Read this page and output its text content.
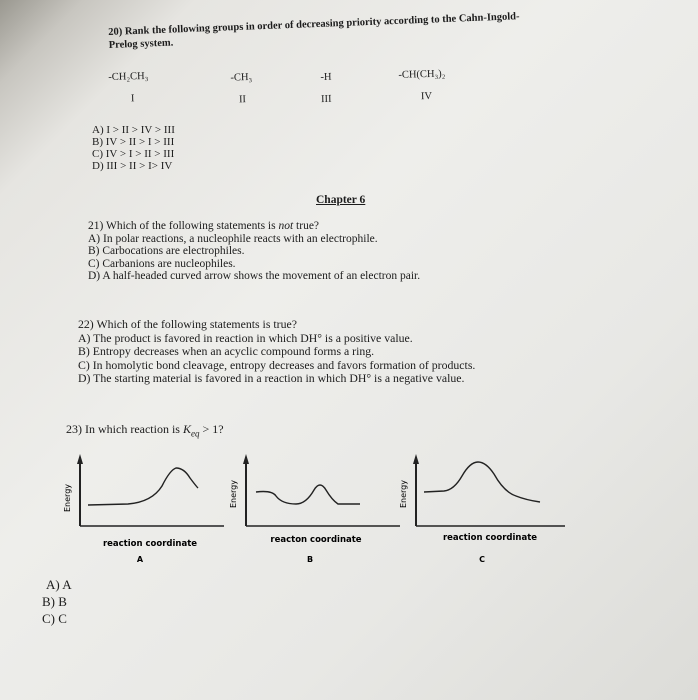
20) Rank the following groups in order of decreasing priority according to the Cahn-Ingold-
Prelog system.
-CH₂CH₃
I
-CH₃
II
-H
III
-CH(CH₃)₂
IV
A) I > II > IV > III
B) IV > II > I > III
C) IV > I > II > III
D) III > II > I> IV
Chapter 6
21) Which of the following statements is not true?
A) In polar reactions, a nucleophile reacts with an electrophile.
B) Carbocations are electrophiles.
C) Carbanions are nucleophiles.
D) A half-headed curved arrow shows the movement of an electron pair.
22) Which of the following statements is true?
A) The product is favored in reaction in which DH° is a positive value.
B) Entropy decreases when an acyclic compound forms a ring.
C) In homolytic bond cleavage, entropy decreases and favors formation of products.
D) The starting material is favored in a reaction in which DH° is a negative value.
23) In which reaction is $K_{eq} > 1$?
Energy
reaction coordinate
A
Energy
reacton coordinate
B
Energy
reaction coordinate
C
A) A
B) B
C) C
